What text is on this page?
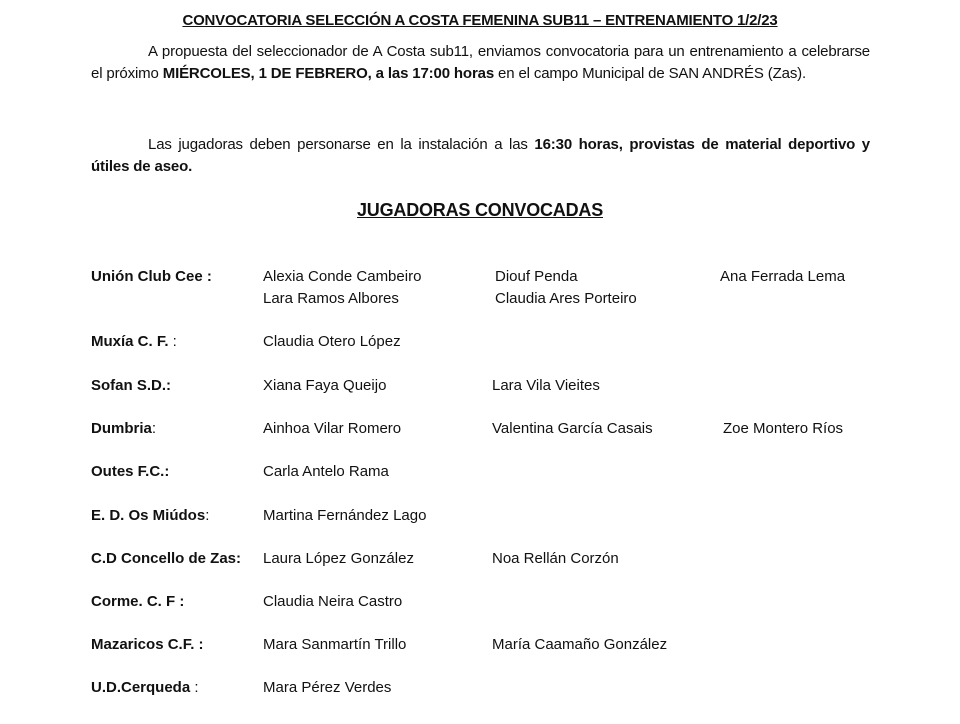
CONVOCATORIA SELECCIÓN A COSTA FEMENINA SUB11 – ENTRENAMIENTO 1/2/23
A propuesta del seleccionador de A Costa sub11, enviamos convocatoria para un entrenamiento a celebrarse el próximo MIÉRCOLES, 1 DE FEBRERO, a las 17:00 horas en el campo Municipal de SAN ANDRÉS (Zas).
Las jugadoras deben personarse en la instalación a las 16:30 horas, provistas de material deportivo y útiles de aseo.
JUGADORAS CONVOCADAS
Unión Club Cee :	Alexia Conde Cambeiro	Diouf Penda	Ana Ferrada Lema
Lara Ramos Albores	Claudia Ares Porteiro
Muxía C. F. :	Claudia Otero López
Sofan S.D.:	Xiana Faya Queijo	Lara Vila Vieites
Dumbria:	Ainhoa Vilar Romero	Valentina García Casais	Zoe Montero Ríos
Outes F.C.:	Carla Antelo Rama
E. D. Os Miúdos:	Martina Fernández Lago
C.D Concello de Zas: Laura López González	Noa Rellán Corzón
Corme. C. F :	Claudia Neira Castro
Mazaricos C.F. :	Mara Sanmartín Trillo	María Caamaño González
U.D.Cerqueda :	Mara Pérez Verdes
